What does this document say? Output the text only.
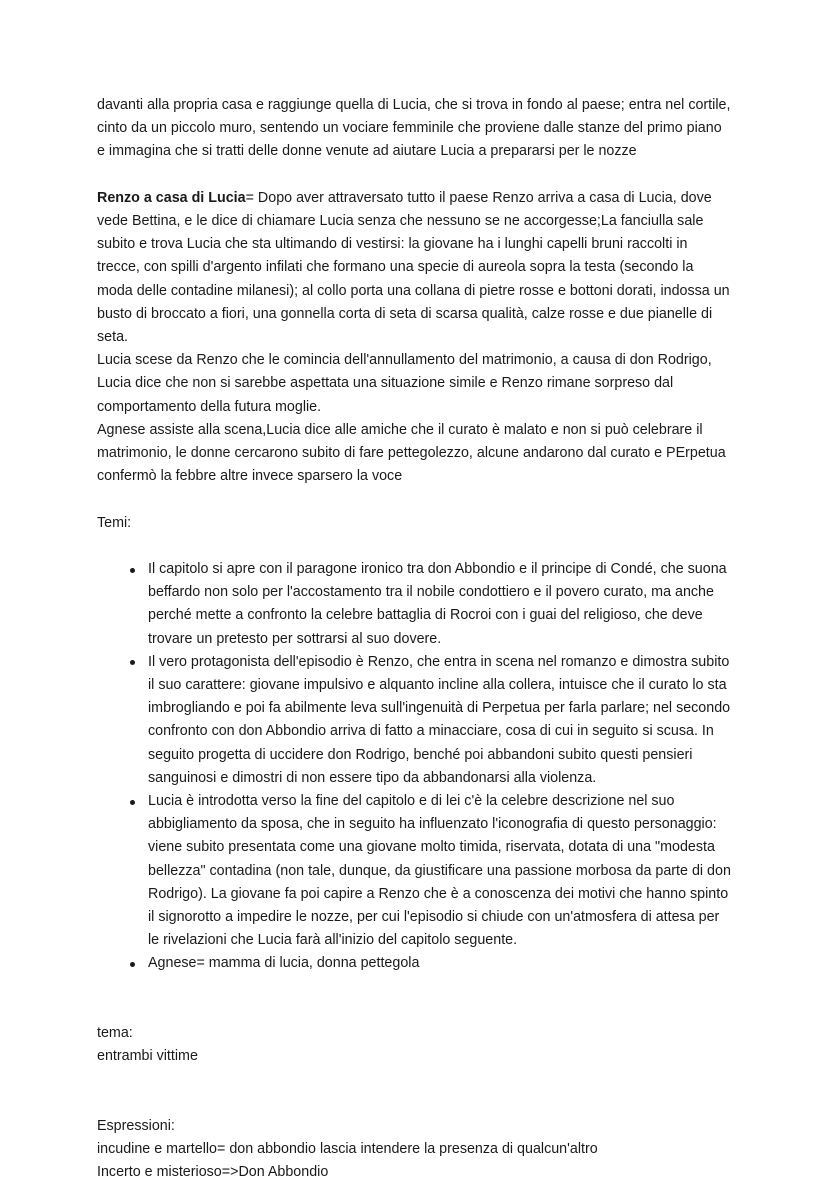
davanti alla propria casa e raggiunge quella di Lucia, che si trova in fondo al paese; entra nel cortile, cinto da un piccolo muro, sentendo un vociare femminile che proviene dalle stanze del primo piano e immagina che si tratti delle donne venute ad aiutare Lucia a prepararsi per le nozze

Renzo a casa di Lucia= Dopo aver attraversato tutto il paese Renzo arriva a casa di Lucia, dove vede Bettina, e le dice di chiamare Lucia senza che nessuno se ne accorgesse;La fanciulla sale subito e trova Lucia che sta ultimando di vestirsi: la giovane ha i lunghi capelli bruni raccolti in trecce, con spilli d'argento infilati che formano una specie di aureola sopra la testa (secondo la moda delle contadine milanesi); al collo porta una collana di pietre rosse e bottoni dorati, indossa un busto di broccato a fiori, una gonnella corta di seta di scarsa qualità, calze rosse e due pianelle di seta.

Lucia scese da Renzo che le comincia dell'annullamento del matrimonio, a causa di don Rodrigo, Lucia dice che non si sarebbe aspettata una situazione simile e Renzo rimane sorpreso dal comportamento della futura moglie.

Agnese assiste alla scena,Lucia dice alle amiche che il curato è malato e non si può celebrare il matrimonio, le donne cercarono subito di fare pettegolezzo, alcune andarono dal curato e PErpetua confermò la febbre altre invece sparsero la voce

Temi:

Il capitolo si apre con il paragone ironico tra don Abbondio e il principe di Condé, che suona beffardo non solo per l'accostamento tra il nobile condottiero e il povero curato, ma anche perché mette a confronto la celebre battaglia di Rocroi con i guai del religioso, che deve trovare un pretesto per sottrarsi al suo dovere.
Il vero protagonista dell'episodio è Renzo, che entra in scena nel romanzo e dimostra subito il suo carattere: giovane impulsivo e alquanto incline alla collera, intuisce che il curato lo sta imbrogliando e poi fa abilmente leva sull'ingenuità di Perpetua per farla parlare; nel secondo confronto con don Abbondio arriva di fatto a minacciare, cosa di cui in seguito si scusa. In seguito progetta di uccidere don Rodrigo, benché poi abbandoni subito questi pensieri sanguinosi e dimostri di non essere tipo da abbandonarsi alla violenza.
Lucia è introdotta verso la fine del capitolo e di lei c'è la celebre descrizione nel suo abbigliamento da sposa, che in seguito ha influenzato l'iconografia di questo personaggio: viene subito presentata come una giovane molto timida, riservata, dotata di una "modesta bellezza" contadina (non tale, dunque, da giustificare una passione morbosa da parte di don Rodrigo). La giovane fa poi capire a Renzo che è a conoscenza dei motivi che hanno spinto il signorotto a impedire le nozze, per cui l'episodio si chiude con un'atmosfera di attesa per le rivelazioni che Lucia farà all'inizio del capitolo seguente.
Agnese= mamma di lucia, donna pettegola

tema:

entrambi vittime

Espressioni:

incudine e martello= don abbondio lascia intendere la presenza di qualcun'altro

Incerto e misterioso=>Don Abbondio
